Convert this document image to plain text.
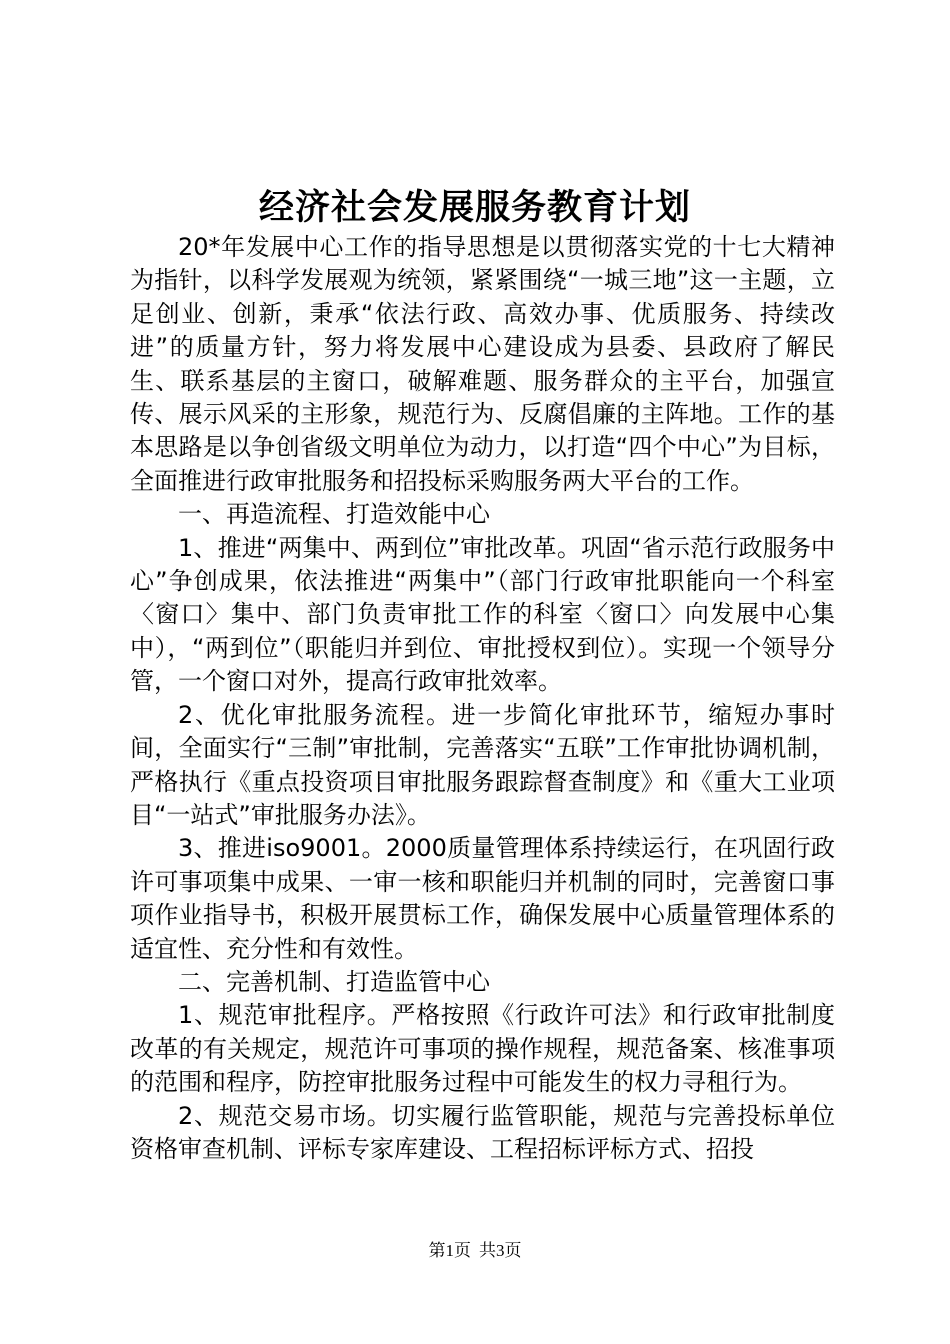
经济社会发展服务教育计划

20*年发展中心工作的指导思想是以贯彻落实党的十七大精神为指针，以科学发展观为统领，紧紧围绕“一城三地”这一主题，立足创业、创新，秉承“依法行政、高效办事、优质服务、持续改进”的质量方针，努力将发展中心建设成为县委、县政府了解民生、联系基层的主窗口，破解难题、服务群众的主平台，加强宣传、展示风采的主形象，规范行为、反腐倡廉的主阵地。工作的基本思路是以争创省级文明单位为动力，以打造“四个中心”为目标，全面推进行政审批服务和招投标采购服务两大平台的工作。

一、再造流程、打造效能中心

1、推进“两集中、两到位”审批改革。巩固“省示范行政服务中心”争创成果，依法推进“两集中”（部门行政审批职能向一个科室〈窗口〉集中、部门负责审批工作的科室〈窗口〉向发展中心集中），“两到位”（职能归并到位、审批授权到位）。实现一个领导分管，一个窗口对外，提高行政审批效率。

2、优化审批服务流程。进一步简化审批环节，缩短办事时间，全面实行“三制”审批制，完善落实“五联”工作审批协调机制，严格执行《重点投资项目审批服务跟踪督查制度》和《重大工业项目“一站式”审批服务办法》。

3、推进iso9001。2000质量管理体系持续运行，在巩固行政许可事项集中成果、一审一核和职能归并机制的同时，完善窗口事项作业指导书，积极开展贯标工作，确保发展中心质量管理体系的适宜性、充分性和有效性。

二、完善机制、打造监管中心

1、规范审批程序。严格按照《行政许可法》和行政审批制度改革的有关规定，规范许可事项的操作规程，规范备案、核准事项的范围和程序，防控审批服务过程中可能发生的权力寻租行为。

2、规范交易市场。切实履行监管职能，规范与完善投标单位资格审查机制、评标专家库建设、工程招标评标方式、招投

第1页 共3页
